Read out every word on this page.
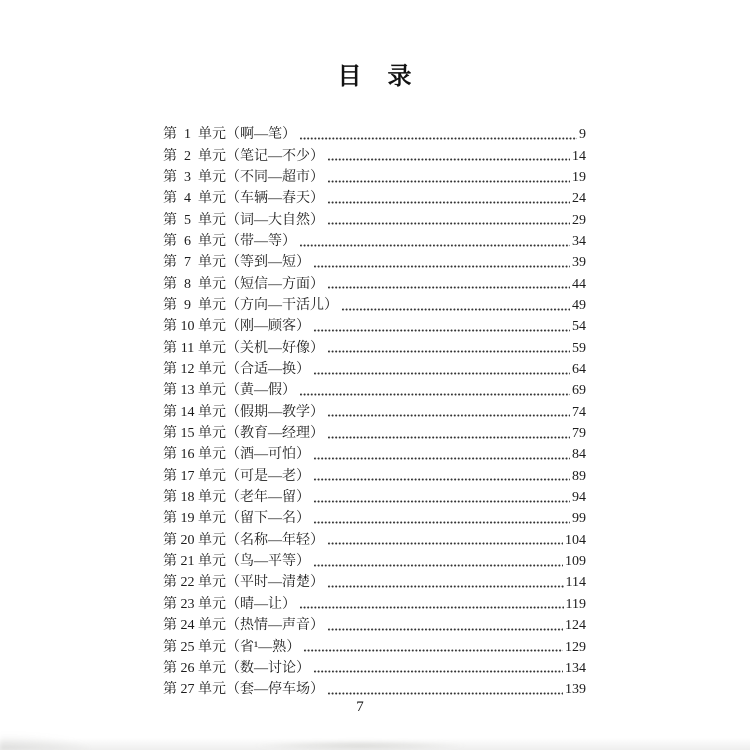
目　录
第 1 单元（啊—笔）	9
第 2 单元（笔记—不少）	14
第 3 单元（不同—超市）	19
第 4 单元（车辆—春天）	24
第 5 单元（词—大自然）	29
第 6 单元（带—等）	34
第 7 单元（等到—短）	39
第 8 单元（短信—方面）	44
第 9 单元（方向—干活儿）	49
第 10 单元（刚—顾客）	54
第 11 单元（关机—好像）	59
第 12 单元（合适—换）	64
第 13 单元（黄—假）	69
第 14 单元（假期—教学）	74
第 15 单元（教育—经理）	79
第 16 单元（酒—可怕）	84
第 17 单元（可是—老）	89
第 18 单元（老年—留）	94
第 19 单元（留下—名）	99
第 20 单元（名称—年轻）	104
第 21 单元（鸟—平等）	109
第 22 单元（平时—清楚）	114
第 23 单元（晴—让）	119
第 24 单元（热情—声音）	124
第 25 单元（省¹—熟）	129
第 26 单元（数—讨论）	134
第 27 单元（套—停车场）	139
7
